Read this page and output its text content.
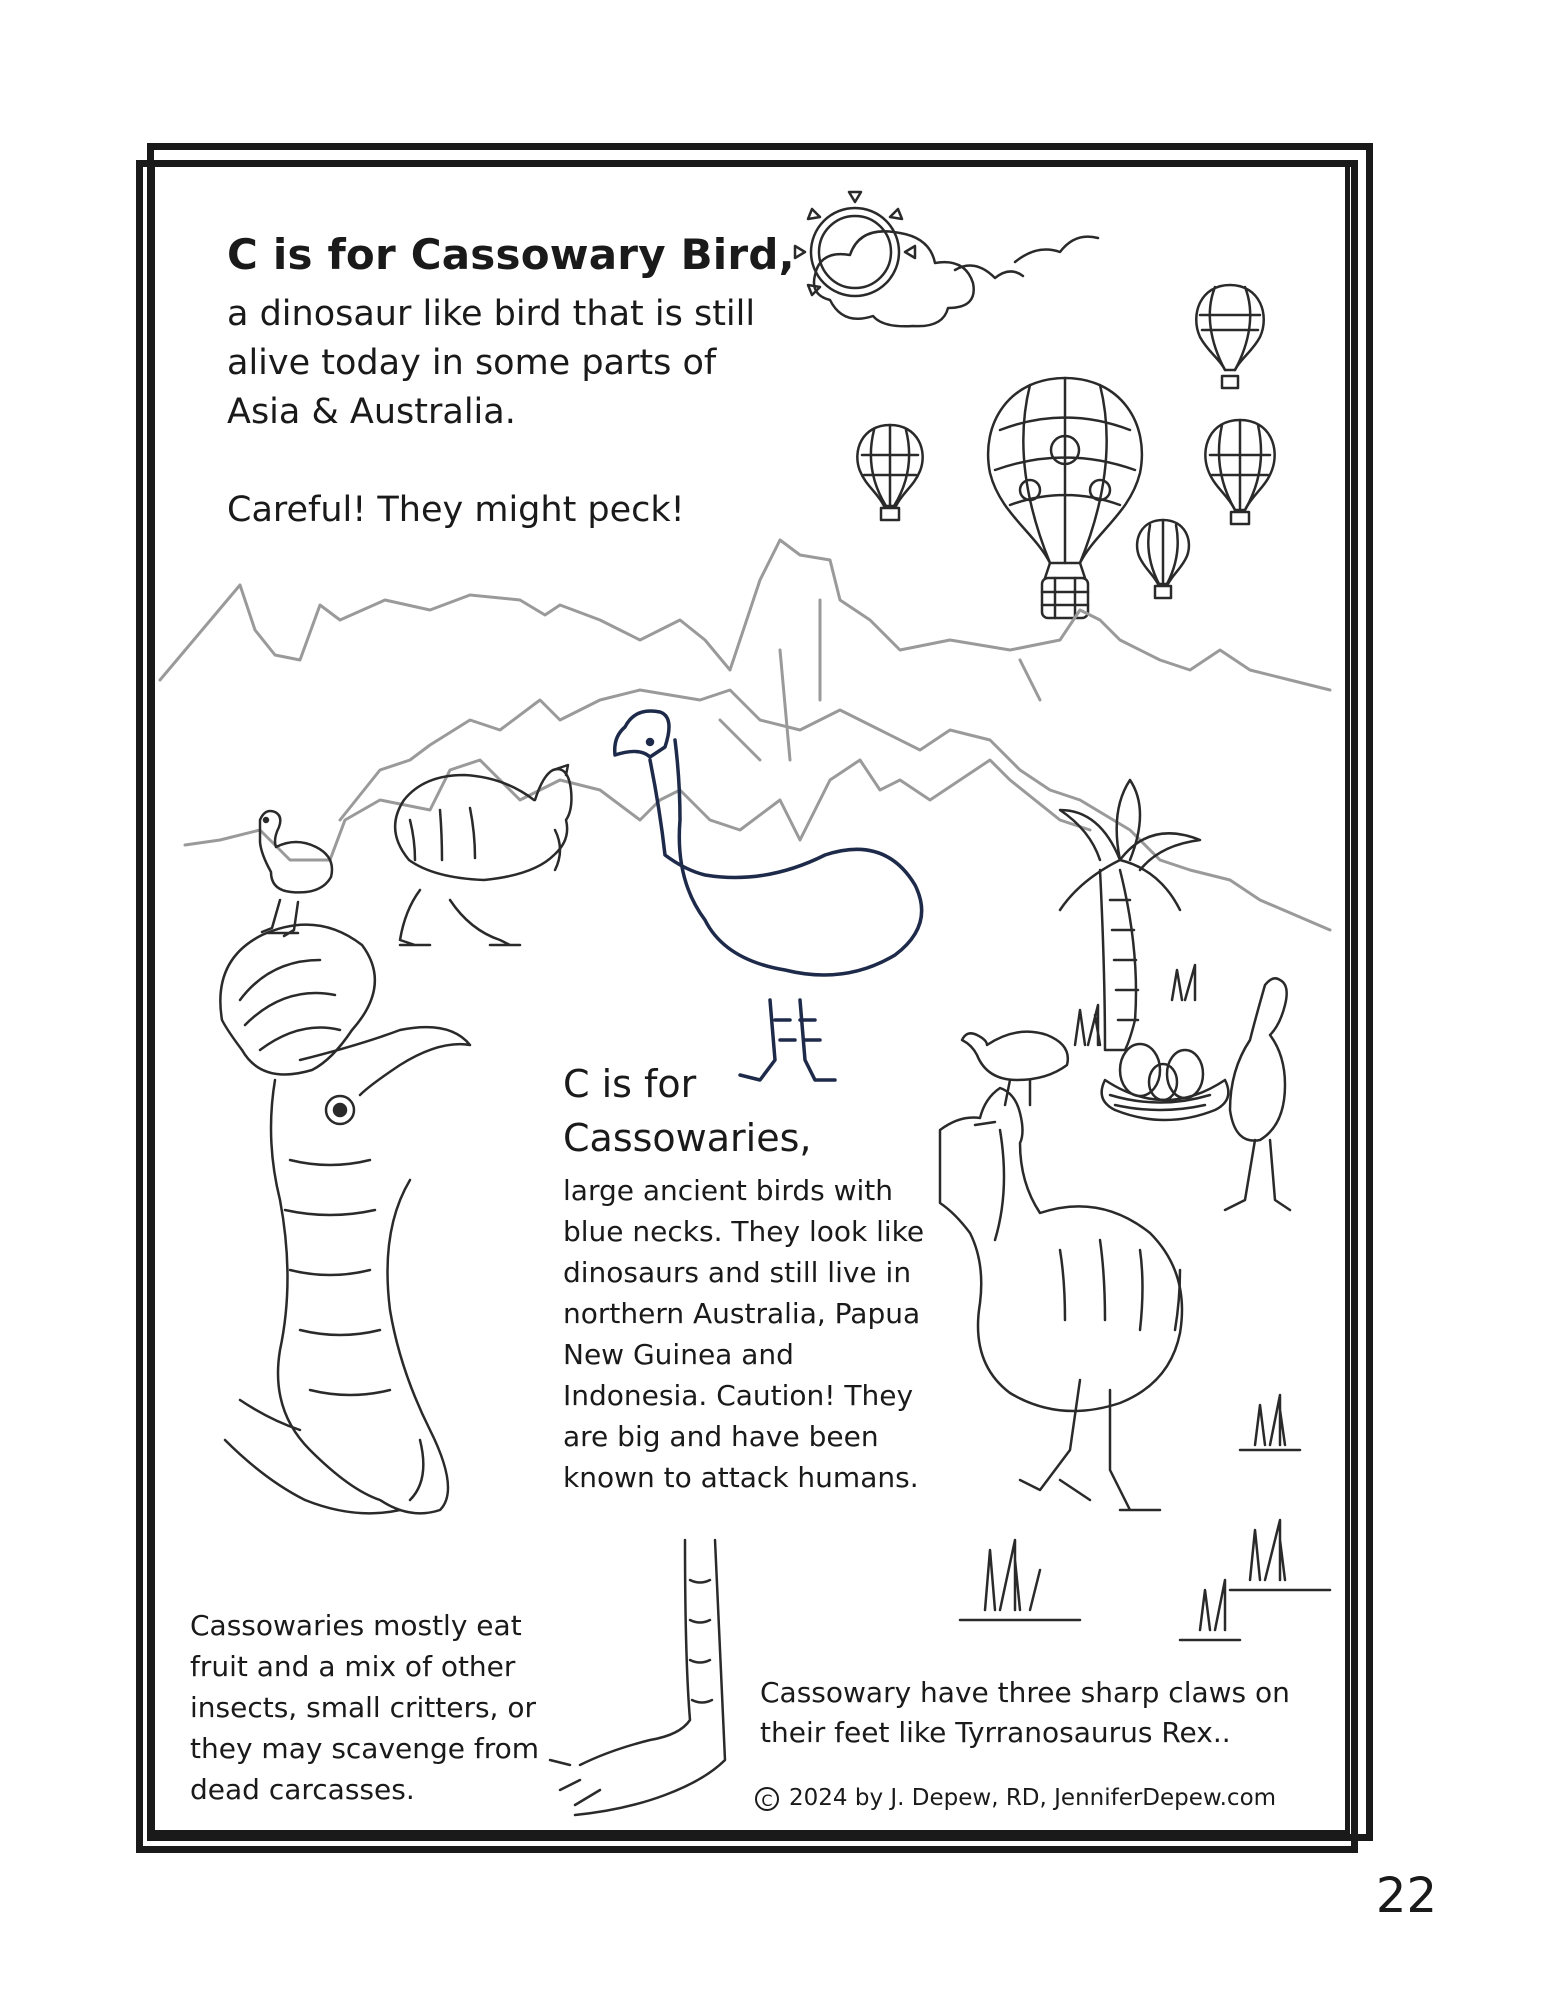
C is for Cassowary Bird,
a dinosaur like bird that is still
alive today in some parts of
Asia & Australia.

Careful! They might peck!

C is for
Cassowaries,
large ancient birds with
blue necks. They look like
dinosaurs and still live in
northern Australia, Papua
New Guinea and
Indonesia. Caution! They
are big and have been
known to attack humans.
Cassowaries mostly eat
fruit and a mix of other
insects, small critters, or
they may scavenge from
dead carcasses.
Cassowary have three sharp claws on
their feet like Tyrranosaurus Rex..
C 2024 by J. Depew, RD, JenniferDepew.com
22
